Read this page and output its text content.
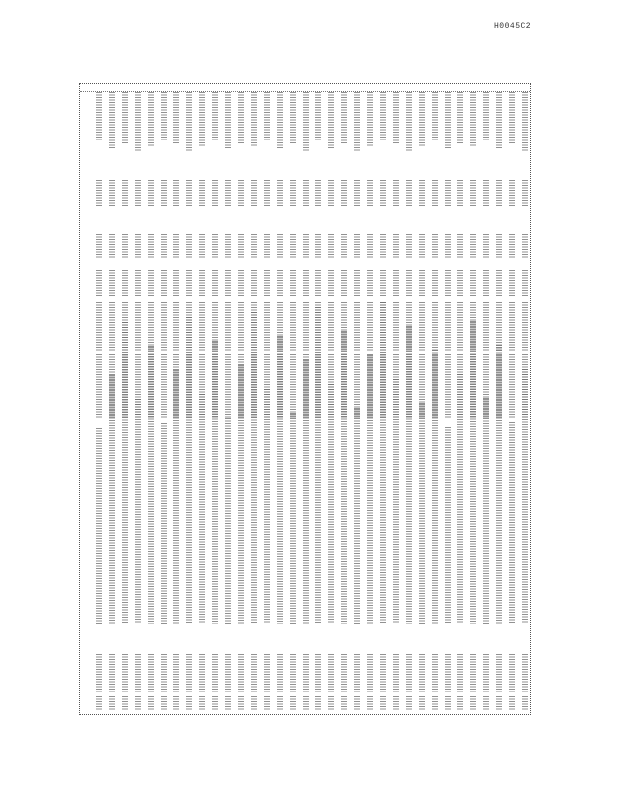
H0045C2
